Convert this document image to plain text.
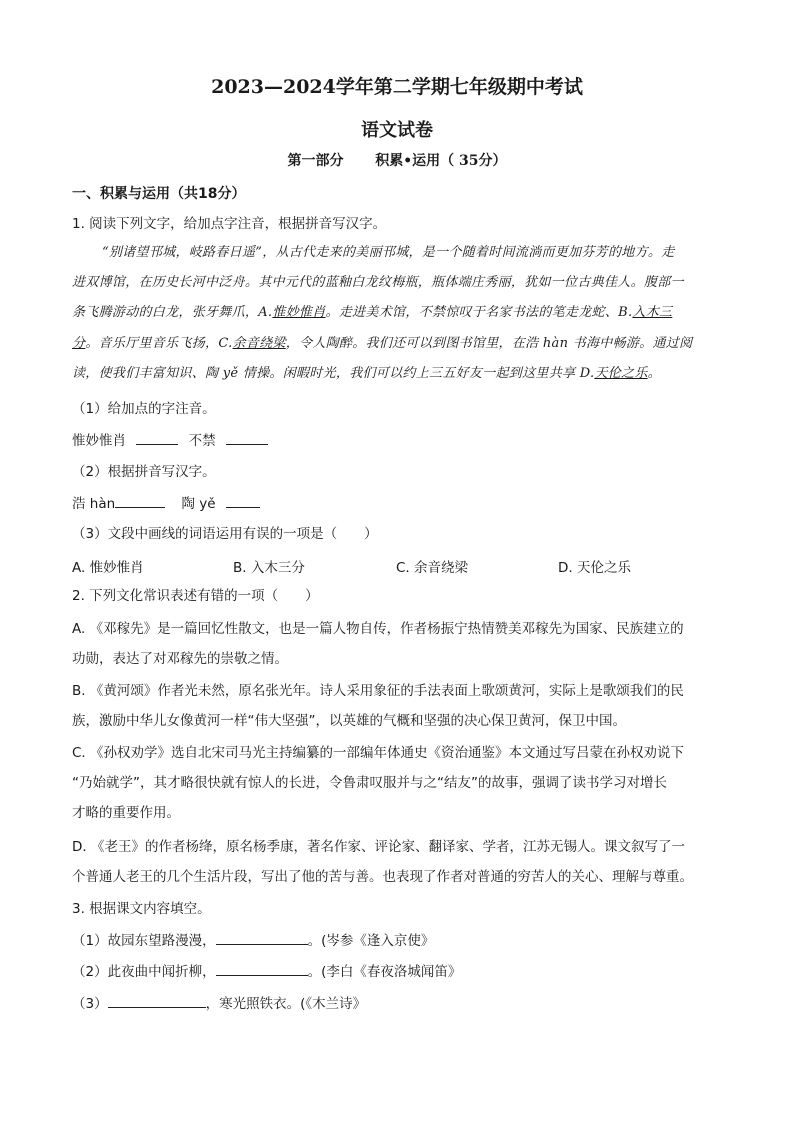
2023—2024学年第二学期七年级期中考试
语文试卷
第一部分 积累•运用（ 35分）
一、积累与运用（共18分）
1. 阅读下列文字，给加点字注音，根据拼音写汉字。
“别诸望邗城，岐路春日遥”，从古代走来的美丽邗城，是一个随着时间流淌而更加芬芳的地方。走
进双博馆，在历史长河中泛舟。其中元代的蓝釉白龙纹梅瓶，瓶体端庄秀丽，犹如一位古典佳人。腹部一
条飞腾游动的白龙，张牙舞爪，A.惟妙惟肖。走进美术馆，不禁惊叹于名家书法的笔走龙蛇、B.入木三
分。音乐厅里音乐飞扬，C.余音绕梁，令人陶醉。我们还可以到图书馆里，在浩 hàn 书海中畅游。通过阅
读，使我们丰富知识、陶 yě 情操。闲暇时光，我们可以约上三五好友一起到这里共享 D.天伦之乐。
（1）给加点的字注音。
惟妙惟肖	不禁
（2）根据拼音写汉字。
浩 hàn	陶 yě
（3）文段中画线的词语运用有误的一项是（　　）
A. 惟妙惟肖	B. 入木三分	C. 余音绕梁	D. 天伦之乐
2. 下列文化常识表述有错的一项（　　）
A. 《邓稼先》是一篇回忆性散文，也是一篇人物自传，作者杨振宁热情赞美邓稼先为国家、民族建立的
功勋，表达了对邓稼先的崇敬之情。
B. 《黄河颂》作者光未然，原名张光年。诗人采用象征的手法表面上歌颂黄河，实际上是歌颂我们的民
族，激励中华儿女像黄河一样“伟大坚强”，以英雄的气概和坚强的决心保卫黄河，保卫中国。
C. 《孙权劝学》选自北宋司马光主持编纂的一部编年体通史《资治通鉴》本文通过写吕蒙在孙权劝说下
“乃始就学”，其才略很快就有惊人的长进，令鲁肃叹服并与之“结友”的故事，强调了读书学习对增长
才略的重要作用。
D. 《老王》的作者杨绛，原名杨季康，著名作家、评论家、翻译家、学者，江苏无锡人。课文叙写了一
个普通人老王的几个生活片段，写出了他的苦与善。也表现了作者对普通的穷苦人的关心、理解与尊重。
3. 根据课文内容填空。
（1）故园东望路漫漫，	。(岑参《逢入京使》
（2）此夜曲中闻折柳，	。(李白《春夜洛城闻笛》
（3）	，寒光照铁衣。(《木兰诗》
